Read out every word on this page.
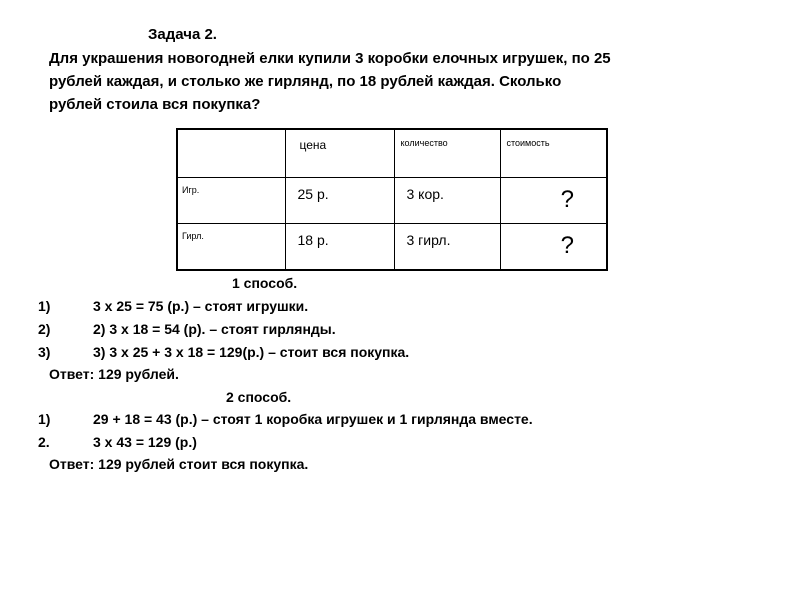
Задача 2.
Для украшения новогодней елки купили 3 коробки елочных игрушек, по 25
рублей каждая, и столько же гирлянд, по 18 рублей каждая. Сколько
рублей стоила вся покупка?

	цена	количество	стоимость

Игр.	25 р.	3 кор.	?

Гирл.	18 р.	3 гирл.	?
1 способ.
1)	3 х 25 = 75 (р.) – стоят игрушки.
2)	2) 3 х 18 = 54 (р). – стоят гирлянды.
3)	3) 3 х 25 + 3 х 18 = 129(р.) – стоит вся покупка.
Ответ: 129 рублей.
2 способ.
1)	29 + 18 = 43 (р.) – стоят 1 коробка игрушек и 1 гирлянда вместе.
2.	3 х 43 = 129 (р.)
Ответ: 129 рублей стоит вся покупка.
